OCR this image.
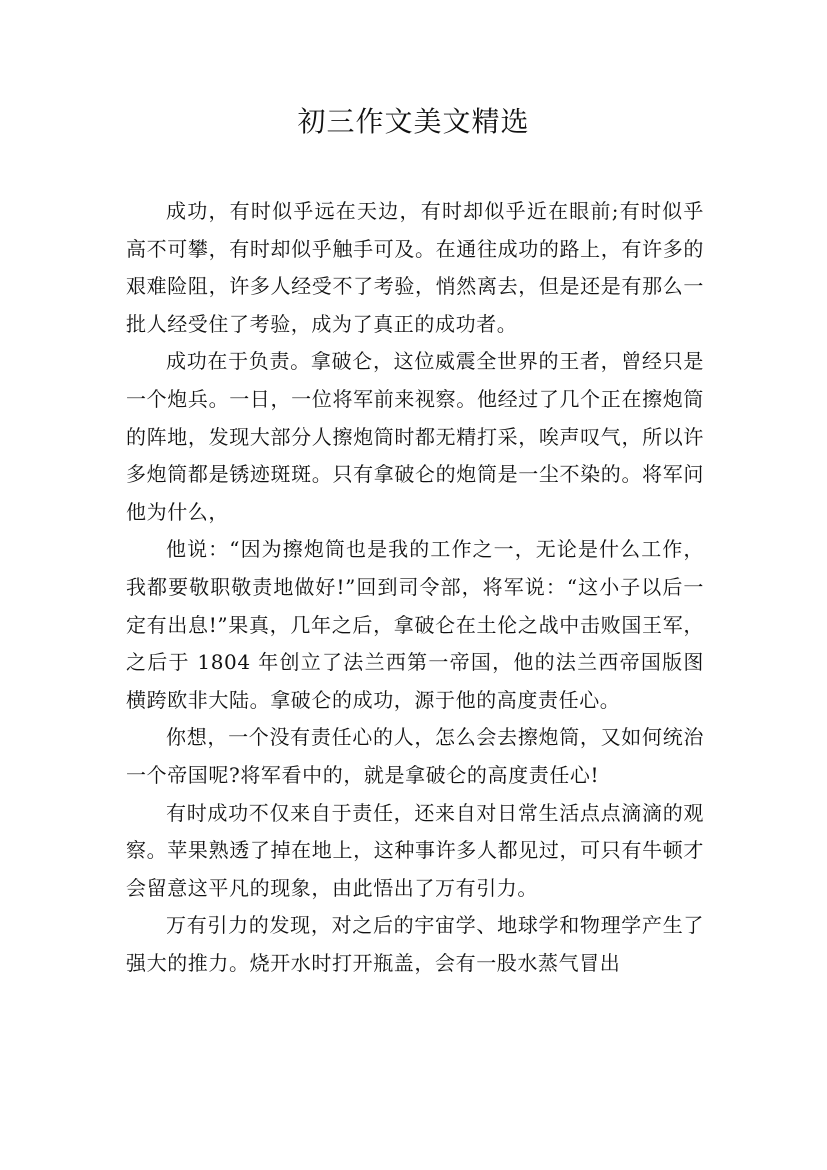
初三作文美文精选

成功，有时似乎远在天边，有时却似乎近在眼前;有时似乎高不可攀，有时却似乎触手可及。在通往成功的路上，有许多的艰难险阻，许多人经受不了考验，悄然离去，但是还是有那么一批人经受住了考验，成为了真正的成功者。

成功在于负责。拿破仑，这位威震全世界的王者，曾经只是一个炮兵。一日，一位将军前来视察。他经过了几个正在擦炮筒的阵地，发现大部分人擦炮筒时都无精打采，唉声叹气，所以许多炮筒都是锈迹斑斑。只有拿破仑的炮筒是一尘不染的。将军问他为什么，

他说：“因为擦炮筒也是我的工作之一，无论是什么工作，我都要敬职敬责地做好!”回到司令部，将军说：“这小子以后一定有出息!”果真，几年之后，拿破仑在土伦之战中击败国王军，之后于 1804 年创立了法兰西第一帝国，他的法兰西帝国版图横跨欧非大陆。拿破仑的成功，源于他的高度责任心。

你想，一个没有责任心的人，怎么会去擦炮筒，又如何统治一个帝国呢?将军看中的，就是拿破仑的高度责任心!

有时成功不仅来自于责任，还来自对日常生活点点滴滴的观察。苹果熟透了掉在地上，这种事许多人都见过，可只有牛顿才会留意这平凡的现象，由此悟出了万有引力。

万有引力的发现，对之后的宇宙学、地球学和物理学产生了强大的推力。烧开水时打开瓶盖，会有一股水蒸气冒出
